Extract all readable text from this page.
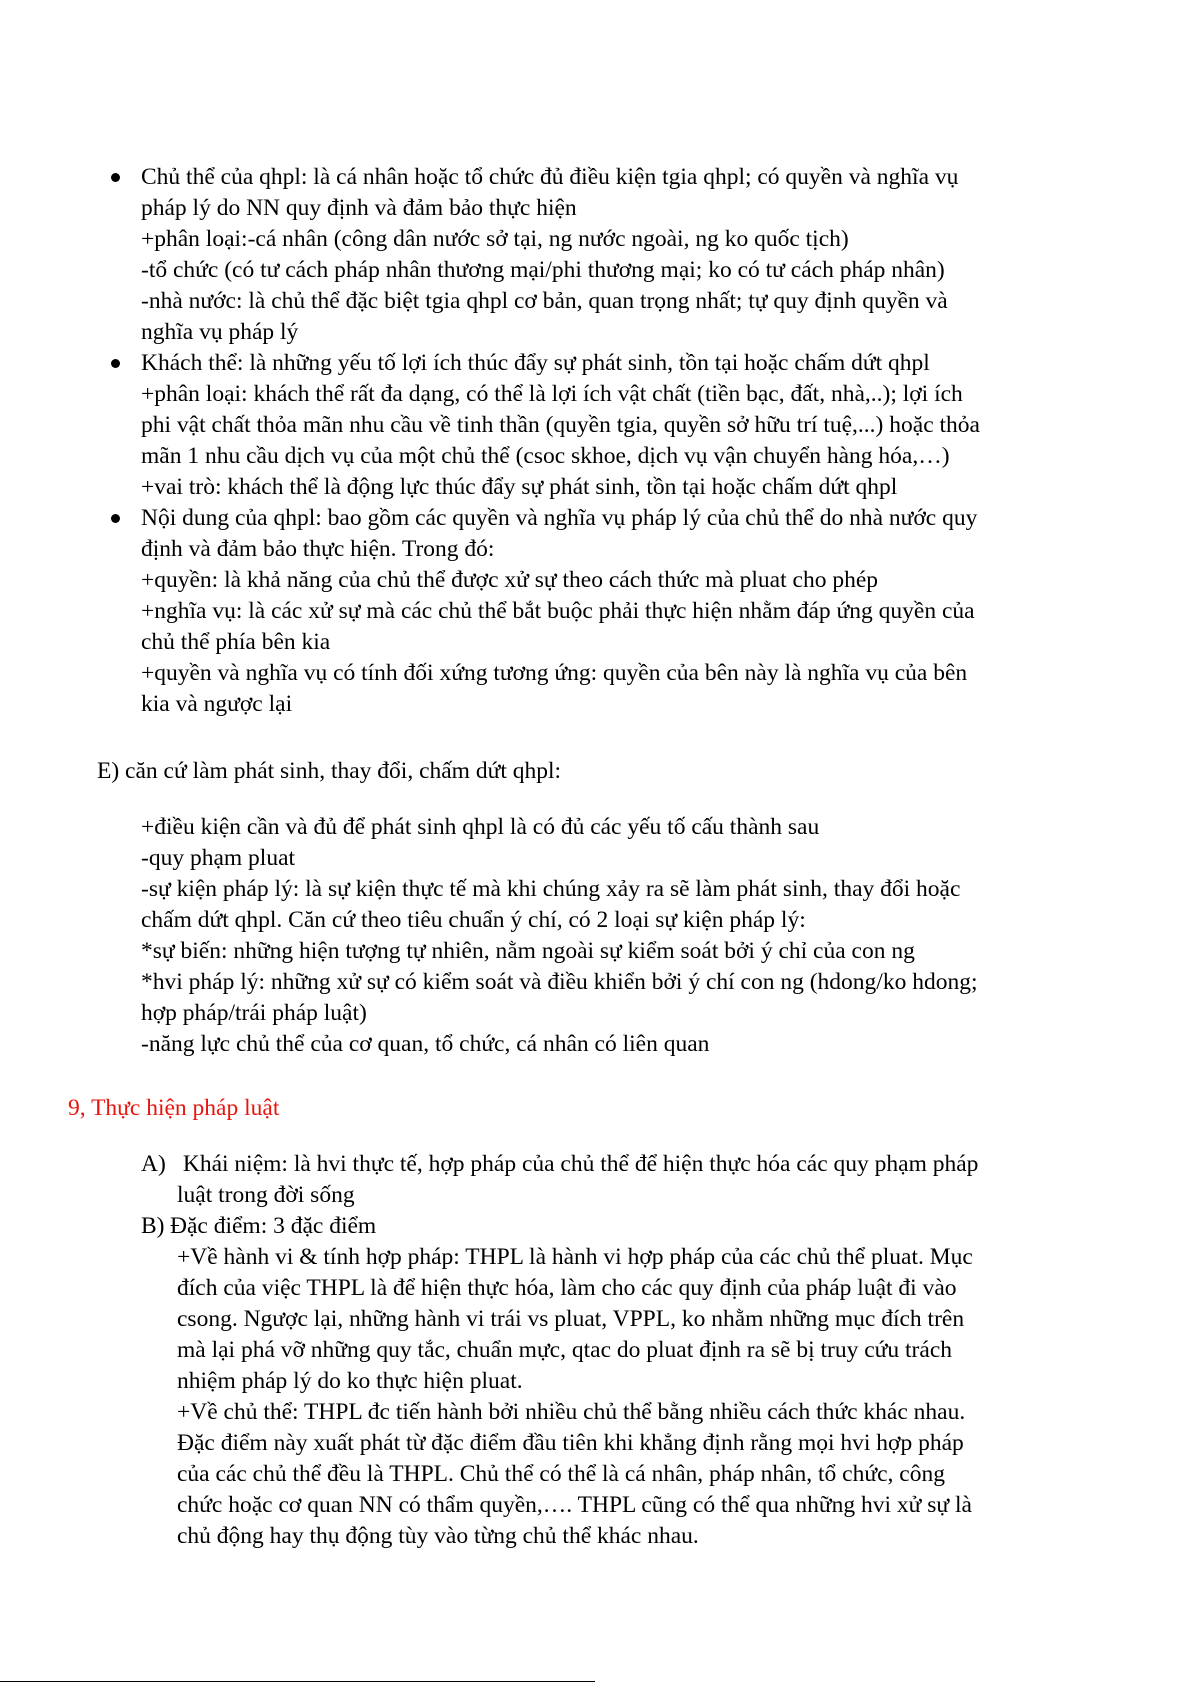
Chủ thể của qhpl: là cá nhân hoặc tổ chức đủ điều kiện tgia qhpl; có quyền và nghĩa vụ
pháp lý do NN quy định và đảm bảo thực hiện
+phân loại:-cá nhân (công dân nước sở tại, ng nước ngoài, ng ko quốc tịch)
-tổ chức (có tư cách pháp nhân thương mại/phi thương mại; ko có tư cách pháp nhân)
-nhà nước: là chủ thể đặc biệt tgia qhpl cơ bản, quan trọng nhất; tự quy định quyền và
nghĩa vụ pháp lý
Khách thể: là những yếu tố lợi ích thúc đẩy sự phát sinh, tồn tại hoặc chấm dứt qhpl
+phân loại: khách thể rất đa dạng, có thể là lợi ích vật chất (tiền bạc, đất, nhà,..); lợi ích
phi vật chất thỏa mãn nhu cầu về tinh thần (quyền tgia, quyền sở hữu trí tuệ,...) hoặc thỏa
mãn 1 nhu cầu dịch vụ của một chủ thể (csoc skhoe, dịch vụ vận chuyển hàng hóa,…)
+vai trò: khách thể là động lực thúc đẩy sự phát sinh, tồn tại hoặc chấm dứt qhpl
Nội dung của qhpl: bao gồm các quyền và nghĩa vụ pháp lý của chủ thể do nhà nước quy
định và đảm bảo thực hiện. Trong đó:
+quyền: là khả năng của chủ thể được xử sự theo cách thức mà pluat cho phép
+nghĩa vụ: là các xử sự mà các chủ thể bắt buộc phải thực hiện nhằm đáp ứng quyền của
chủ thể phía bên kia
+quyền và nghĩa vụ có tính đối xứng tương ứng: quyền của bên này là nghĩa vụ của bên
kia và ngược lại
E) căn cứ làm phát sinh, thay đổi, chấm dứt qhpl:
+điều kiện cần và đủ để phát sinh qhpl là có đủ các yếu tố cấu thành sau
-quy phạm pluat
-sự kiện pháp lý: là sự kiện thực tế mà khi chúng xảy ra sẽ làm phát sinh, thay đổi hoặc
chấm dứt qhpl. Căn cứ theo tiêu chuẩn ý chí, có 2 loại sự kiện pháp lý:
*sự biến: những hiện tượng tự nhiên, nằm ngoài sự kiểm soát bởi ý chỉ của con ng
*hvi pháp lý: những xử sự có kiểm soát và điều khiển bởi ý chí con ng (hdong/ko hdong;
hợp pháp/trái pháp luật)
-năng lực chủ thể của cơ quan, tổ chức, cá nhân có liên quan
9, Thực hiện pháp luật
A) Khái niệm: là hvi thực tế, hợp pháp của chủ thể để hiện thực hóa các quy phạm pháp
luật trong đời sống
B) Đặc điểm: 3 đặc điểm
+Về hành vi & tính hợp pháp: THPL là hành vi hợp pháp của các chủ thể pluat. Mục
đích của việc THPL là để hiện thực hóa, làm cho các quy định của pháp luật đi vào
csong. Ngược lại, những hành vi trái vs pluat, VPPL, ko nhằm những mục đích trên
mà lại phá vỡ những quy tắc, chuẩn mực, qtac do pluat định ra sẽ bị truy cứu trách
nhiệm pháp lý do ko thực hiện pluat.
+Về chủ thể: THPL đc tiến hành bởi nhiều chủ thể bằng nhiều cách thức khác nhau.
Đặc điểm này xuất phát từ đặc điểm đầu tiên khi khẳng định rằng mọi hvi hợp pháp
của các chủ thể đều là THPL. Chủ thể có thể là cá nhân, pháp nhân, tổ chức, công
chức hoặc cơ quan NN có thẩm quyền,…. THPL cũng có thể qua những hvi xử sự là
chủ động hay thụ động tùy vào từng chủ thể khác nhau.
